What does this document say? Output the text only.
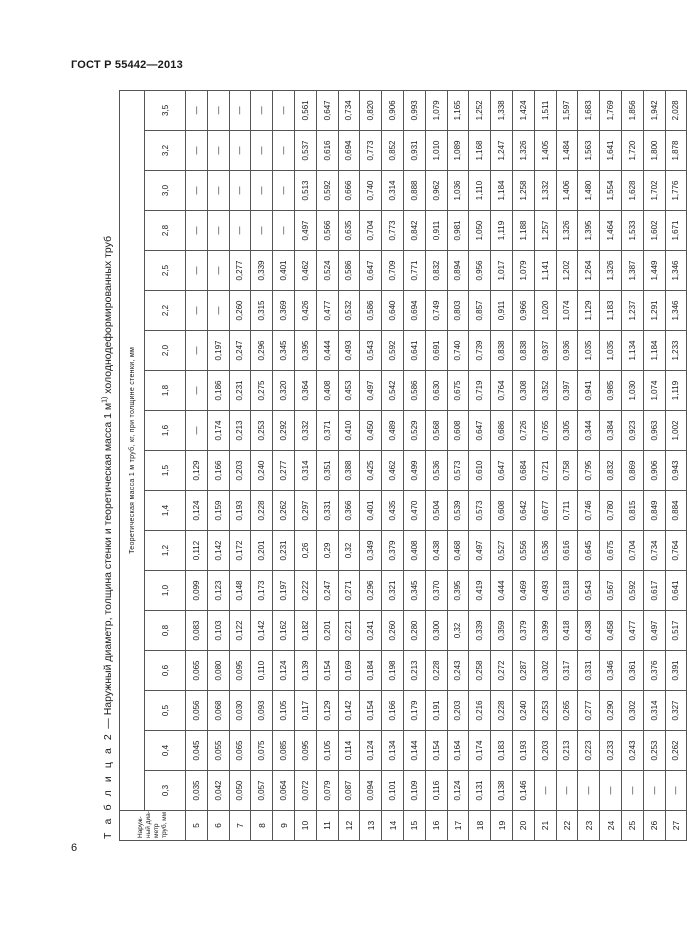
ГОСТ Р 55442—2013
Т а б л и ц а 2 — Наружный диаметр, толщина стенки и теоретическая масса 1 $м^{1)}$ холоднодеформированных труб
Наруж-ный диа-метр труб, мм	Теоретическая масса 1 м труб, кг, при толщине стенки, мм																	
	0,3	0,4	0,5	0,6	0,8	1,0	1,2	1,4	1,5	1,6	1,8	2,0	2,2	2,5	2,8	3,0	3,2	3,5
5	0,035	0,045	0,056	0,065	0,083	0,099	0,112	0,124	0,129	—	—	—	—	—	—	—	—	—
6	0,042	0,055	0,068	0,080	0,103	0,123	0,142	0,159	0,166	0,174	0,186	0,197	—	—	—	—	—	—
7	0,050	0,065	0,030	0,095	0,122	0,148	0,172	0,193	0,203	0,213	0,231	0,247	0,260	0,277	—	—	—	—
8	0,057	0,075	0,093	0,110	0,142	0,173	0,201	0,228	0,240	0,253	0,275	0,296	0,315	0,339	—	—	—	—
9	0,064	0,085	0,105	0,124	0,162	0,197	0,231	0,262	0,277	0,292	0,320	0,345	0,369	0,401	—	—	—	—
10	0,072	0,095	0,117	0,139	0,182	0,222	0,26	0,297	0,314	0,332	0,364	0,395	0,426	0,462	0,497	0,513	0,537	0,561
11	0,079	0,105	0,129	0,154	0,201	0,247	0,29	0,331	0,351	0,371	0,408	0,444	0,477	0,524	0,566	0,592	0,616	0,647
12	0,087	0,114	0,142	0,169	0,221	0,271	0,32	0,366	0,388	0,410	0,453	0,493	0,532	0,586	0,635	0,666	0,694	0,734
13	0,094	0,124	0,154	0,184	0,241	0,296	0,349	0,401	0,425	0,450	0,497	0,543	0,586	0,647	0,704	0,740	0,773	0,820
14	0,101	0,134	0,166	0,198	0,260	0,321	0,379	0,435	0,462	0,489	0,542	0,592	0,640	0,709	0,773	0,314	0,852	0,906
15	0,109	0,144	0,179	0,213	0,280	0,345	0,408	0,470	0,499	0,529	0,586	0,641	0,694	0,771	0,842	0,888	0,931	0,993
16	0,116	0,154	0,191	0,228	0,300	0,370	0,438	0,504	0,536	0,568	0,630	0,691	0,749	0,832	0,911	0,962	1,010	1,079
17	0,124	0,164	0,203	0,243	0,32	0,395	0,468	0,539	0,573	0,608	0,675	0,740	0,803	0,894	0,981	1,036	1,089	1,165
18	0,131	0,174	0,216	0,258	0,339	0,419	0,497	0,573	0,610	0,647	0,719	0,739	0,857	0,956	1,050	1,110	1,168	1,252
19	0,138	0,183	0,228	0,272	0,359	0,444	0,527	0,608	0,647	0,686	0,764	0,838	0,911	1,017	1,119	1,184	1,247	1,338
20	0,146	0,193	0,240	0,287	0,379	0,469	0,556	0,642	0,684	0,726	0,308	0,838	0,966	1,079	1,188	1,258	1,326	1,424
21	—	0,203	0,253	0,302	0,399	0,493	0,536	0,677	0,721	0,765	0,352	0,937	1,020	1,141	1,257	1,332	1,405	1,511
22	—	0,213	0,265	0,317	0,418	0,518	0,616	0,711	0,758	0,305	0,397	0,936	1,074	1,202	1,326	1,406	1,484	1,597
23	—	0,223	0,277	0,331	0,438	0,543	0,645	0,746	0,795	0,344	0,941	1,035	1,129	1,264	1,395	1,480	1,563	1,683
24	—	0,233	0,290	0,346	0,458	0,567	0,675	0,780	0,832	0,384	0,985	1,035	1,183	1,326	1,464	1,554	1,641	1,769
25	—	0,243	0,302	0,361	0,477	0,592	0,704	0,815	0,869	0,923	1,030	1,134	1,237	1,387	1,533	1,628	1,720	1,856
26	—	0,253	0,314	0,376	0,497	0,617	0,734	0,849	0,906	0,963	1,074	1,184	1,291	1,449	1,602	1,702	1,800	1,942
27	—	0,262	0,327	0,391	0,517	0,641	0,764	0,884	0,943	1,002	1,119	1,233	1,346	1,346	1,671	1,776	1,878	2,028
6
